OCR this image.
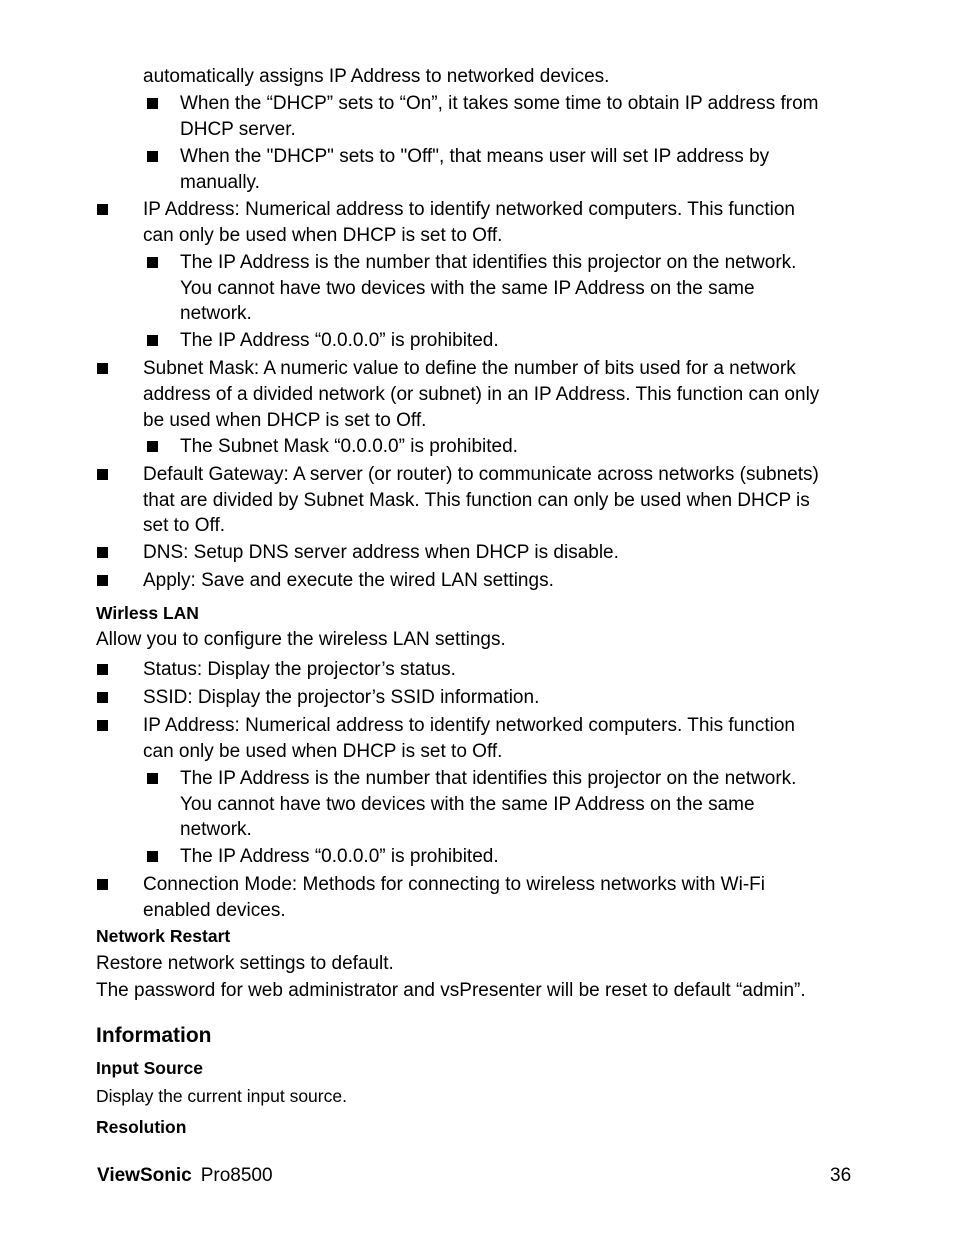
automatically assigns IP Address to networked devices.
When the “DHCP” sets to “On”, it takes some time to obtain IP address from
DHCP server.
When the "DHCP" sets to "Off", that means user will set IP address by
manually.
IP Address: Numerical address to identify networked computers. This function
can only be used when DHCP is set to Off.
The IP Address is the number that identifies this projector on the network.
You cannot have two devices with the same IP Address on the same
network.
The IP Address “0.0.0.0” is prohibited.
Subnet Mask: A numeric value to define the number of bits used for a network
address of a divided network (or subnet) in an IP Address. This function can only
be used when DHCP is set to Off.
The Subnet Mask “0.0.0.0” is prohibited.
Default Gateway: A server (or router) to communicate across networks (subnets)
that are divided by Subnet Mask. This function can only be used when DHCP is
set to Off.
DNS: Setup DNS server address when DHCP is disable.
Apply: Save and execute the wired LAN settings.
Wirless LAN
Allow you to configure the wireless LAN settings.
Status: Display the projector’s status.
SSID: Display the projector’s SSID information.
IP Address: Numerical address to identify networked computers. This function
can only be used when DHCP is set to Off.
The IP Address is the number that identifies this projector on the network.
You cannot have two devices with the same IP Address on the same
network.
The IP Address “0.0.0.0” is prohibited.
Connection Mode: Methods for connecting to wireless networks with Wi-Fi
enabled devices.
Network Restart
Restore network settings to default.
The password for web administrator and vsPresenter will be reset to default “admin”.
Information
Input Source
Display the current input source.
Resolution
ViewSonic Pro8500	36
